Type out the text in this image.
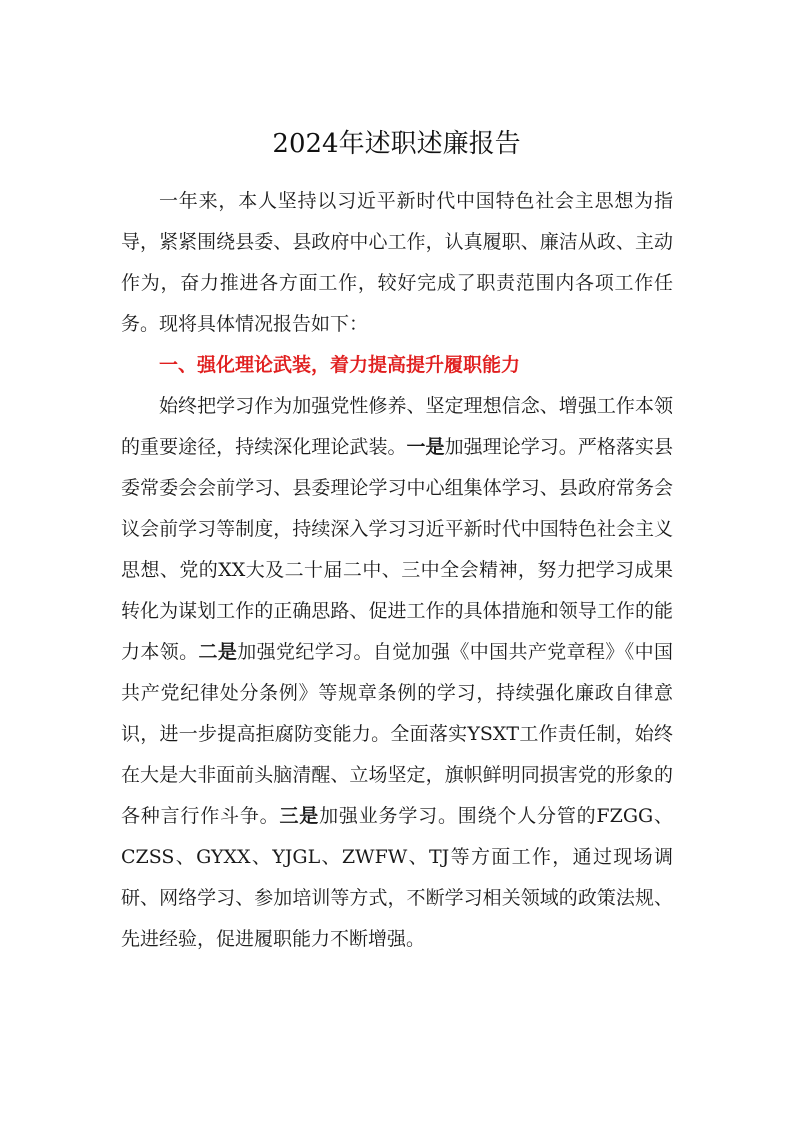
2024年述职述廉报告

一年来，本人坚持以习近平新时代中国特色社会主思想为指导，紧紧围绕县委、县政府中心工作，认真履职、廉洁从政、主动作为，奋力推进各方面工作，较好完成了职责范围内各项工作任务。现将具体情况报告如下：

一、强化理论武装，着力提高提升履职能力

始终把学习作为加强党性修养、坚定理想信念、增强工作本领的重要途径，持续深化理论武装。一是加强理论学习。严格落实县委常委会会前学习、县委理论学习中心组集体学习、县政府常务会议会前学习等制度，持续深入学习习近平新时代中国特色社会主义思想、党的XX大及二十届二中、三中全会精神，努力把学习成果转化为谋划工作的正确思路、促进工作的具体措施和领导工作的能力本领。二是加强党纪学习。自觉加强《中国共产党章程》《中国共产党纪律处分条例》等规章条例的学习，持续强化廉政自律意识，进一步提高拒腐防变能力。全面落实YSXT工作责任制，始终在大是大非面前头脑清醒、立场坚定，旗帜鲜明同损害党的形象的各种言行作斗争。三是加强业务学习。围绕个人分管的FZGG、CZSS、GYXX、YJGL、ZWFW、TJ等方面工作，通过现场调研、网络学习、参加培训等方式，不断学习相关领域的政策法规、先进经验，促进履职能力不断增强。
